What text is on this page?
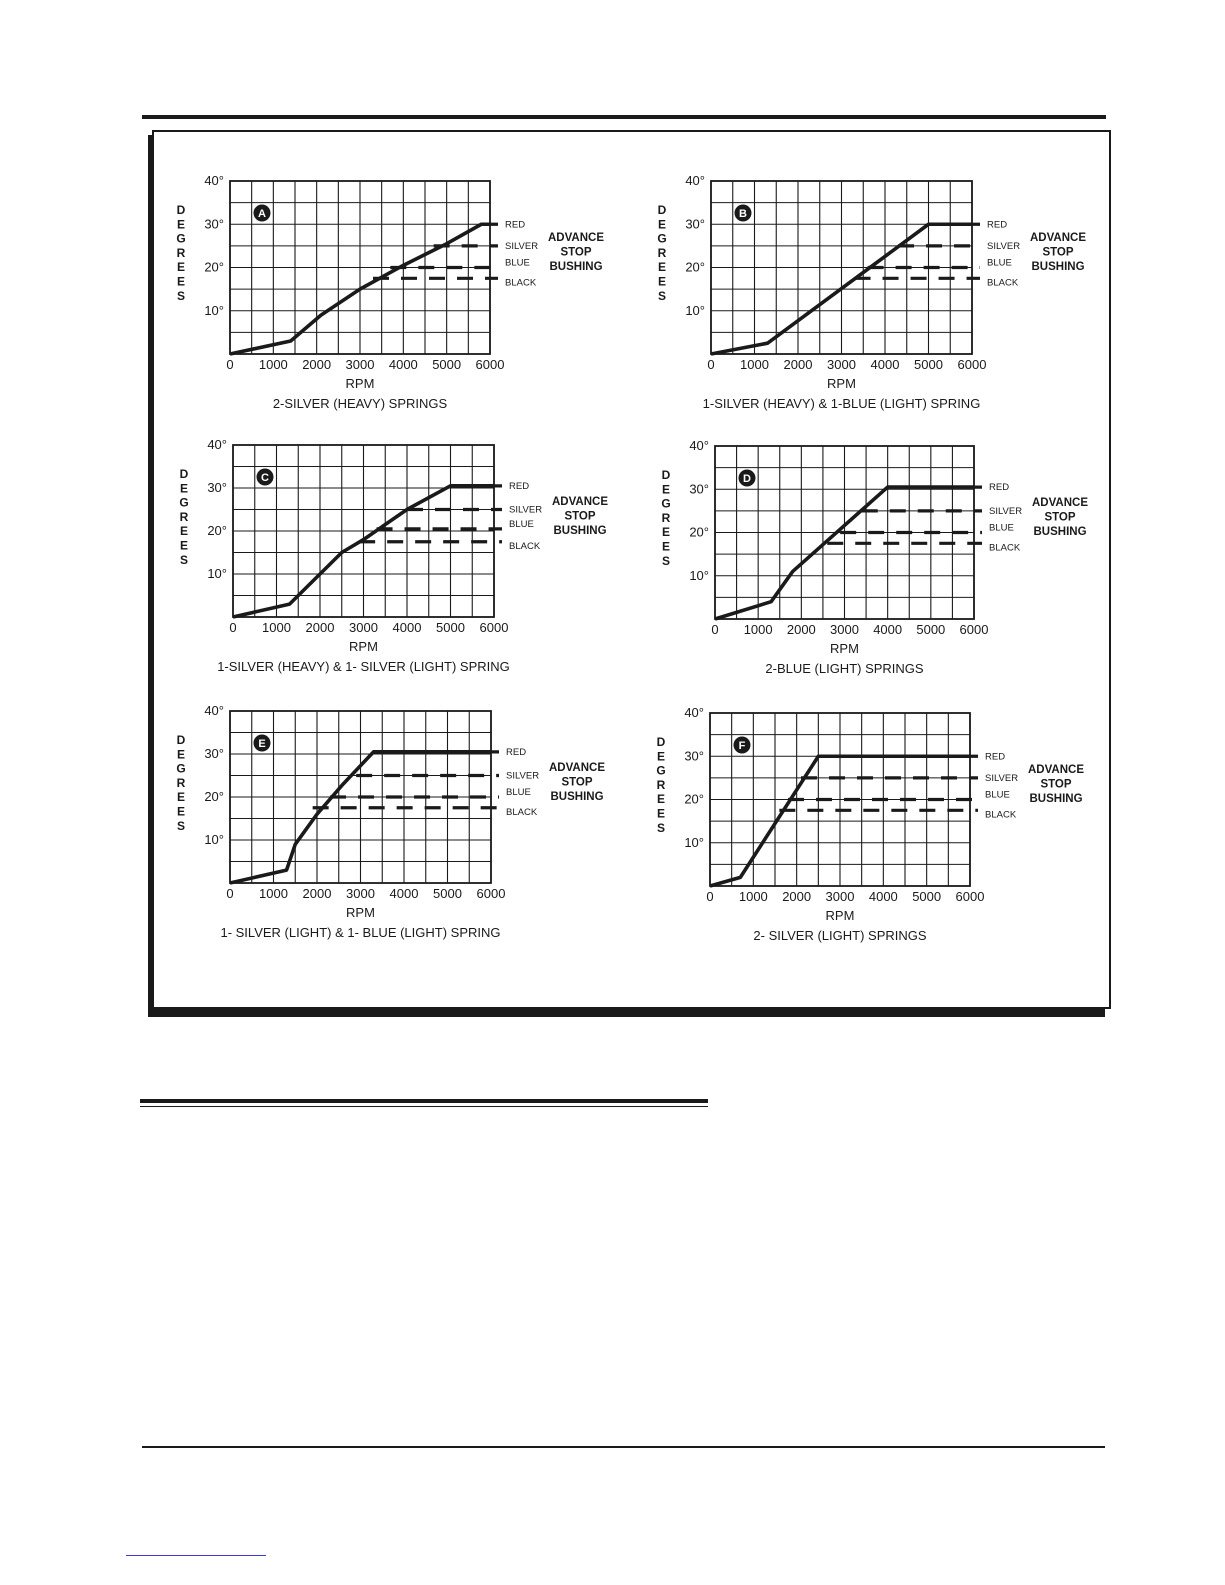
0 1000 2000 3000 4000 5000 6000
10°
20°
30°
40°
D
E
G
R
E
E
S
RPM
2-SILVER (HEAVY) SPRINGS
A
RED
SILVER
BLUE
BLACK
ADVANCE
STOP
BUSHING
0 1000 2000 3000 4000 5000 6000
10°
20°
30°
40°
D
E
G
R
E
E
S
RPM
1-SILVER (HEAVY) & 1-BLUE (LIGHT) SPRING
B
RED
SILVER
BLUE
BLACK
ADVANCE
STOP
BUSHING
0 1000 2000 3000 4000 5000 6000
10°
20°
30°
40°
D
E
G
R
E
E
S
RPM
1-SILVER (HEAVY) & 1- SILVER (LIGHT) SPRING
C
RED
SILVER
BLUE
BLACK
ADVANCE
STOP
BUSHING
0 1000 2000 3000 4000 5000 6000
10°
20°
30°
40°
D
E
G
R
E
E
S
RPM
2-BLUE (LIGHT) SPRINGS
D
RED
SILVER
BLUE
BLACK
ADVANCE
STOP
BUSHING
0 1000 2000 3000 4000 5000 6000
10°
20°
30°
40°
D
E
G
R
E
E
S
RPM
1- SILVER (LIGHT) & 1- BLUE (LIGHT) SPRING
E
RED
SILVER
BLUE
BLACK
ADVANCE
STOP
BUSHING
0 1000 2000 3000 4000 5000 6000
10°
20°
30°
40°
D
E
G
R
E
E
S
RPM
2- SILVER (LIGHT) SPRINGS
F
RED
SILVER
BLUE
BLACK
ADVANCE
STOP
BUSHING
